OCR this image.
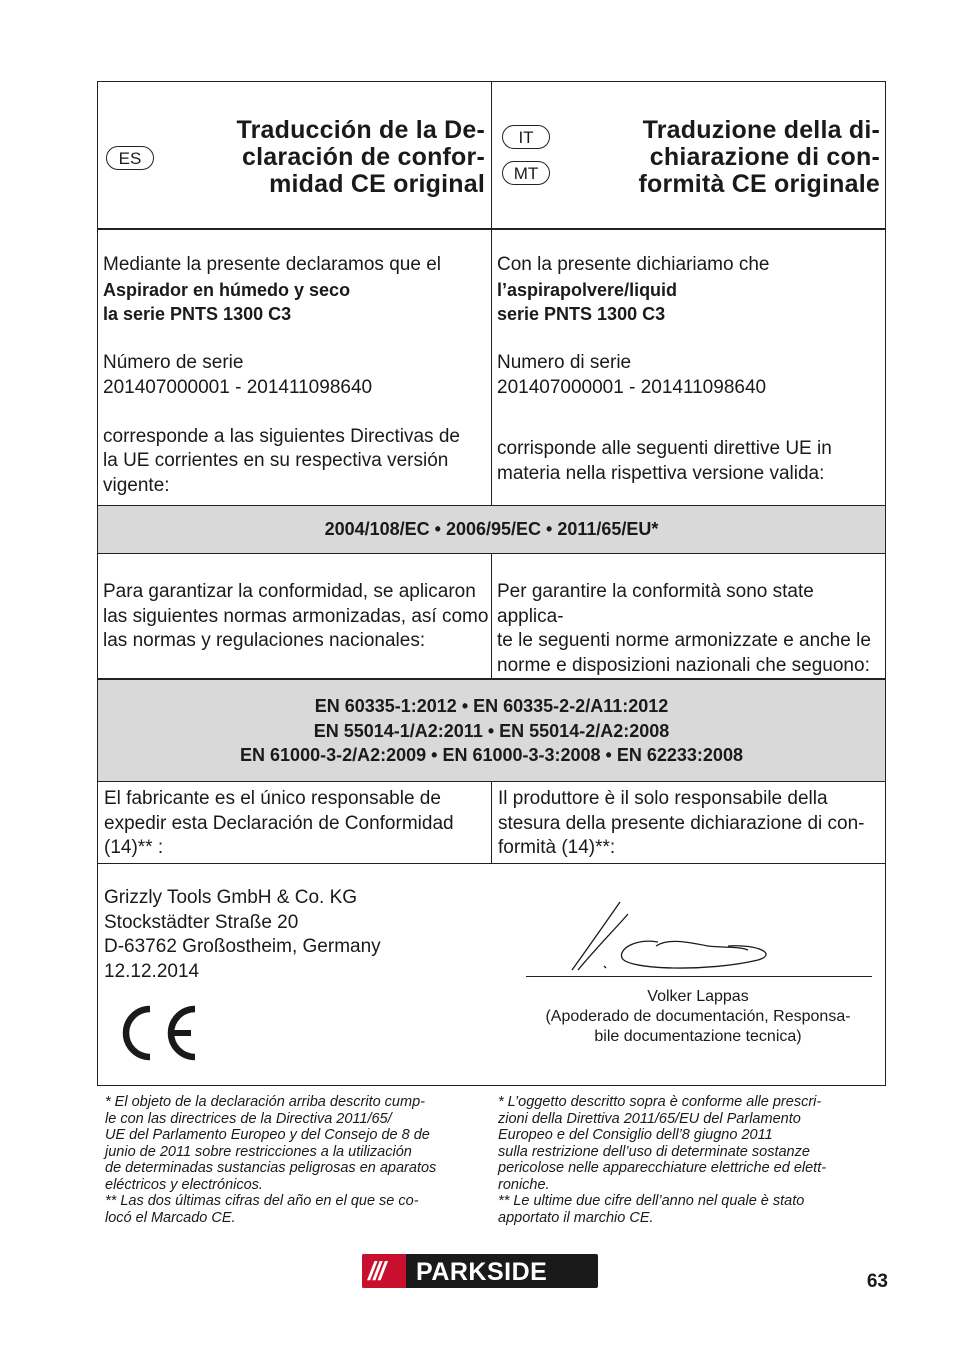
ES
Traducción de la De-
claración de confor-
midad CE original
IT
MT
Traduzione della di-
chiarazione di con-
formità CE originale
Mediante la presente declaramos que el
Aspirador en húmedo y seco
la serie PNTS 1300 C3
Número de serie
201407000001 - 201411098640
corresponde a las siguientes Directivas de
la UE corrientes en su respectiva versión
vigente:
Con la presente dichiariamo che
l’aspirapolvere/liquid
serie PNTS 1300 C3
Numero di serie
201407000001 - 201411098640
corrisponde alle seguenti direttive UE in
materia nella rispettiva versione valida:
2004/108/EC • 2006/95/EC • 2011/65/EU*
Para garantizar la conformidad, se aplicaron
las siguientes normas armonizadas, así como
las normas y regulaciones nacionales:
Per garantire la conformità sono state applica-
te le seguenti norme armonizzate e anche le
norme e disposizioni nazionali che seguono:
EN 60335-1:2012 • EN 60335-2-2/A11:2012
EN 55014-1/A2:2011 • EN 55014-2/A2:2008
EN 61000-3-2/A2:2009 • EN 61000-3-3:2008 • EN 62233:2008
El fabricante es el único responsable de
expedir esta Declaración de Conformidad
(14)** :
Il produttore è il solo responsabile della
stesura della presente dichiarazione di con-
formità (14)**:
Grizzly Tools GmbH & Co. KG
Stockstädter Straße 20
D-63762 Großostheim, Germany
12.12.2014
Volker Lappas
(Apoderado de documentación, Responsa-
bile documentazione tecnica)
* El objeto de la declaración arriba descrito cump-
le con las directrices de la Directiva 2011/65/
UE del Parlamento Europeo y del Consejo de 8 de
junio de 2011 sobre restricciones a la utilización
de determinadas sustancias peligrosas en aparatos
eléctricos y electrónicos.
** Las dos últimas cifras del año en el que se co-
locó el Marcado CE.
* L’oggetto descritto sopra è conforme alle prescri-
zioni della Direttiva 2011/65/EU del Parlamento
Europeo e del Consiglio dell’8 giugno 2011
sulla restrizione dell’uso di determinate sostanze
pericolose nelle apparecchiature elettriche ed elett-
roniche.
** Le ultime due cifre dell’anno nel quale è stato
apportato il marchio CE.
/// PARKSIDE	63
